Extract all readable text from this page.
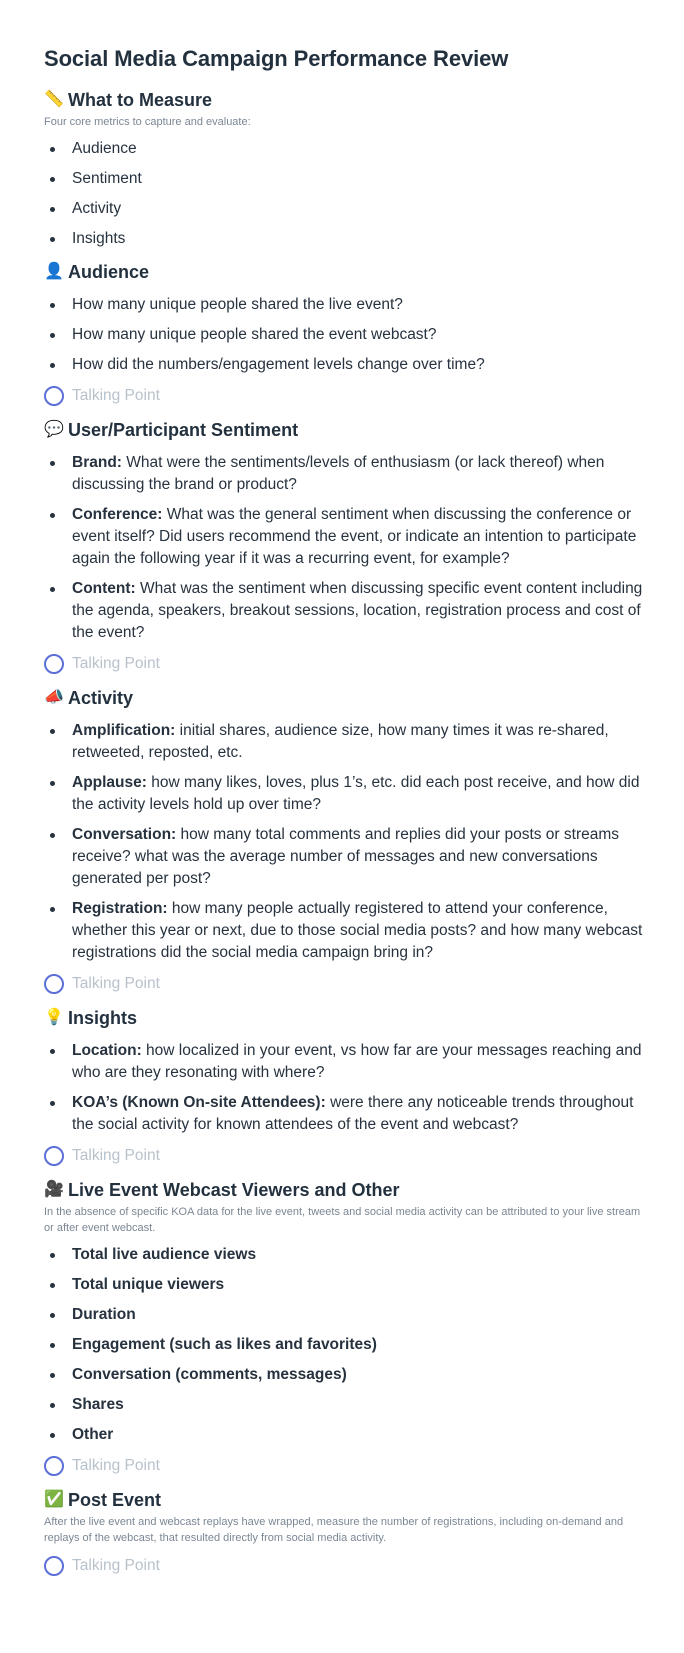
Social Media Campaign Performance Review
📏 What to Measure

Four core metrics to capture and evaluate:

Audience
Sentiment
Activity
Insights
👤 Audience
How many unique people shared the live event?
How many unique people shared the event webcast?
How did the numbers/engagement levels change over time?
Talking Point
💬 User/Participant Sentiment
Brand: What were the sentiments/levels of enthusiasm (or lack thereof) when discussing the brand or product?
Conference: What was the general sentiment when discussing the conference or event itself? Did users recommend the event, or indicate an intention to participate again the following year if it was a recurring event, for example?
Content: What was the sentiment when discussing specific event content including the agenda, speakers, breakout sessions, location, registration process and cost of the event?
Talking Point
📣 Activity
Amplification: initial shares, audience size, how many times it was re-shared, retweeted, reposted, etc.
Applause: how many likes, loves, plus 1’s, etc. did each post receive, and how did the activity levels hold up over time?
Conversation: how many total comments and replies did your posts or streams receive? what was the average number of messages and new conversations generated per post?
Registration: how many people actually registered to attend your conference, whether this year or next, due to those social media posts? and how many webcast registrations did the social media campaign bring in?
Talking Point
💡 Insights
Location: how localized in your event, vs how far are your messages reaching and who are they resonating with where?
KOA’s (Known On-site Attendees): were there any noticeable trends throughout the social activity for known attendees of the event and webcast?
Talking Point
🎥 Live Event Webcast Viewers and Other

In the absence of specific KOA data for the live event, tweets and social media activity can be attributed to your live stream or after event webcast.

Total live audience views
Total unique viewers
Duration
Engagement (such as likes and favorites)
Conversation (comments, messages)
Shares
Other
Talking Point
✅ Post Event

After the live event and webcast replays have wrapped, measure the number of registrations, including on-demand and replays of the webcast, that resulted directly from social media activity.

Talking Point
